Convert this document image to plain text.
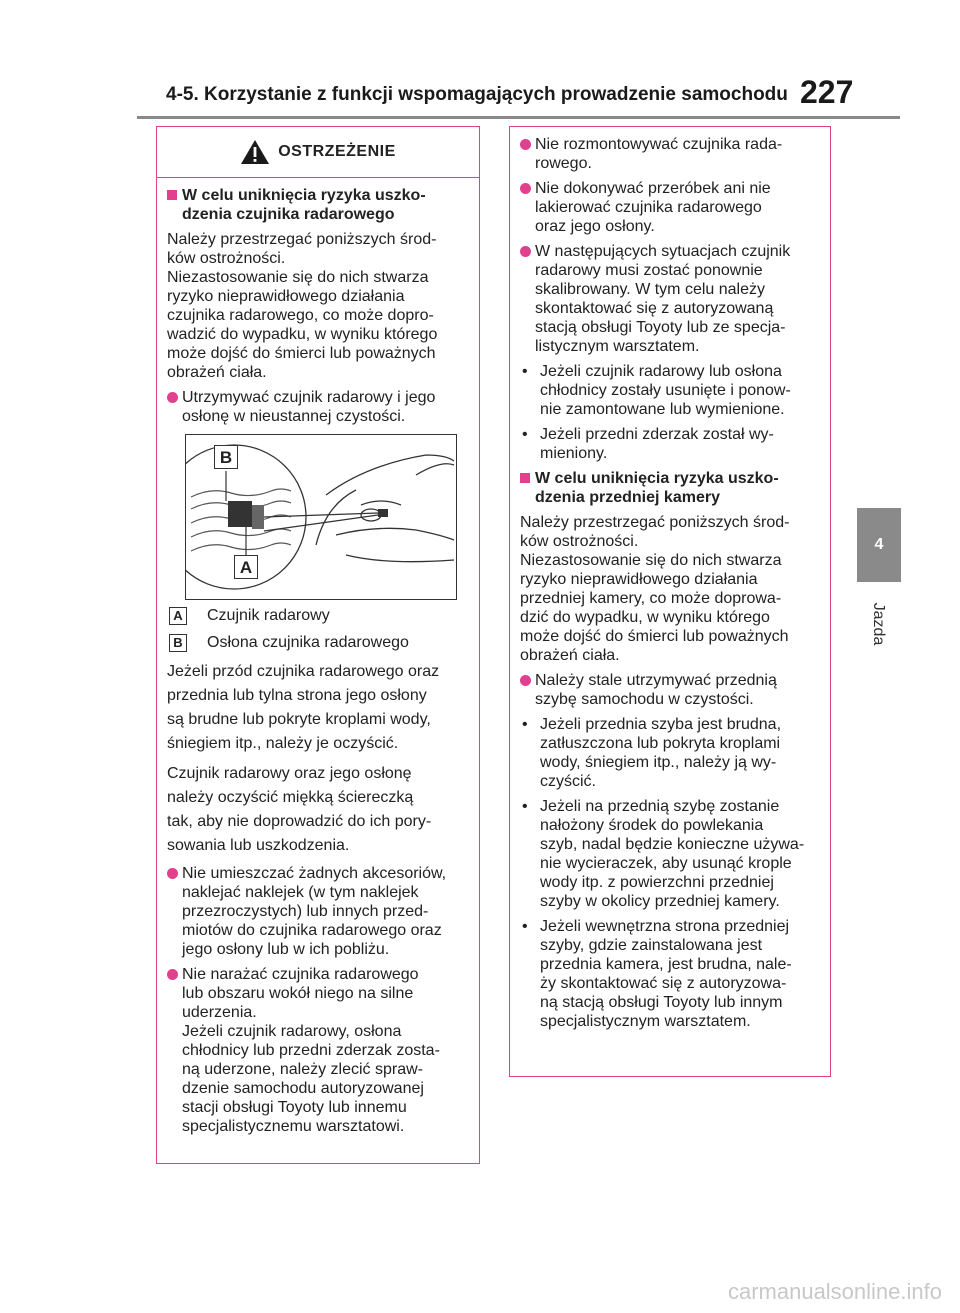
4-5. Korzystanie z funkcji wspomagających prowadzenie samochodu 227
4
Jazda
OSTRZEŻENIE
W celu uniknięcia ryzyka uszko-
dzenia czujnika radarowego
Należy przestrzegać poniższych środ-
ków ostrożności.
Niezastosowanie się do nich stwarza
ryzyko nieprawidłowego działania
czujnika radarowego, co może dopro-
wadzić do wypadku, w wyniku którego
może dojść do śmierci lub poważnych
obrażeń ciała.
Utrzymywać czujnik radarowy i jego
osłonę w nieustannej czystości.
B
A
A Czujnik radarowy
B Osłona czujnika radarowego
Jeżeli przód czujnika radarowego oraz
przednia lub tylna strona jego osłony
są brudne lub pokryte kroplami wody,
śniegiem itp., należy je oczyścić.
Czujnik radarowy oraz jego osłonę
należy oczyścić miękką ściereczką
tak, aby nie doprowadzić do ich pory-
sowania lub uszkodzenia.
Nie umieszczać żadnych akcesoriów,
naklejać naklejek (w tym naklejek
przezroczystych) lub innych przed-
miotów do czujnika radarowego oraz
jego osłony lub w ich pobliżu.
Nie narażać czujnika radarowego
lub obszaru wokół niego na silne
uderzenia.
Jeżeli czujnik radarowy, osłona
chłodnicy lub przedni zderzak zosta-
ną uderzone, należy zlecić spraw-
dzenie samochodu autoryzowanej
stacji obsługi Toyoty lub innemu
specjalistycznemu warsztatowi.
Nie rozmontowywać czujnika rada-
rowego.
Nie dokonywać przeróbek ani nie
lakierować czujnika radarowego
oraz jego osłony.
W następujących sytuacjach czujnik
radarowy musi zostać ponownie
skalibrowany. W tym celu należy
skontaktować się z autoryzowaną
stacją obsługi Toyoty lub ze specja-
listycznym warsztatem.
• Jeżeli czujnik radarowy lub osłona
chłodnicy zostały usunięte i ponow-
nie zamontowane lub wymienione.
• Jeżeli przedni zderzak został wy-
mieniony.
W celu uniknięcia ryzyka uszko-
dzenia przedniej kamery
Należy przestrzegać poniższych środ-
ków ostrożności.
Niezastosowanie się do nich stwarza
ryzyko nieprawidłowego działania
przedniej kamery, co może doprowa-
dzić do wypadku, w wyniku którego
może dojść do śmierci lub poważnych
obrażeń ciała.
Należy stale utrzymywać przednią
szybę samochodu w czystości.
• Jeżeli przednia szyba jest brudna,
zatłuszczona lub pokryta kroplami
wody, śniegiem itp., należy ją wy-
czyścić.
• Jeżeli na przednią szybę zostanie
nałożony środek do powlekania
szyb, nadal będzie konieczne używa-
nie wycieraczek, aby usunąć krople
wody itp. z powierzchni przedniej
szyby w okolicy przedniej kamery.
• Jeżeli wewnętrzna strona przedniej
szyby, gdzie zainstalowana jest
przednia kamera, jest brudna, nale-
ży skontaktować się z autoryzowa-
ną stacją obsługi Toyoty lub innym
specjalistycznym warsztatem.
carmanualsonline.info
